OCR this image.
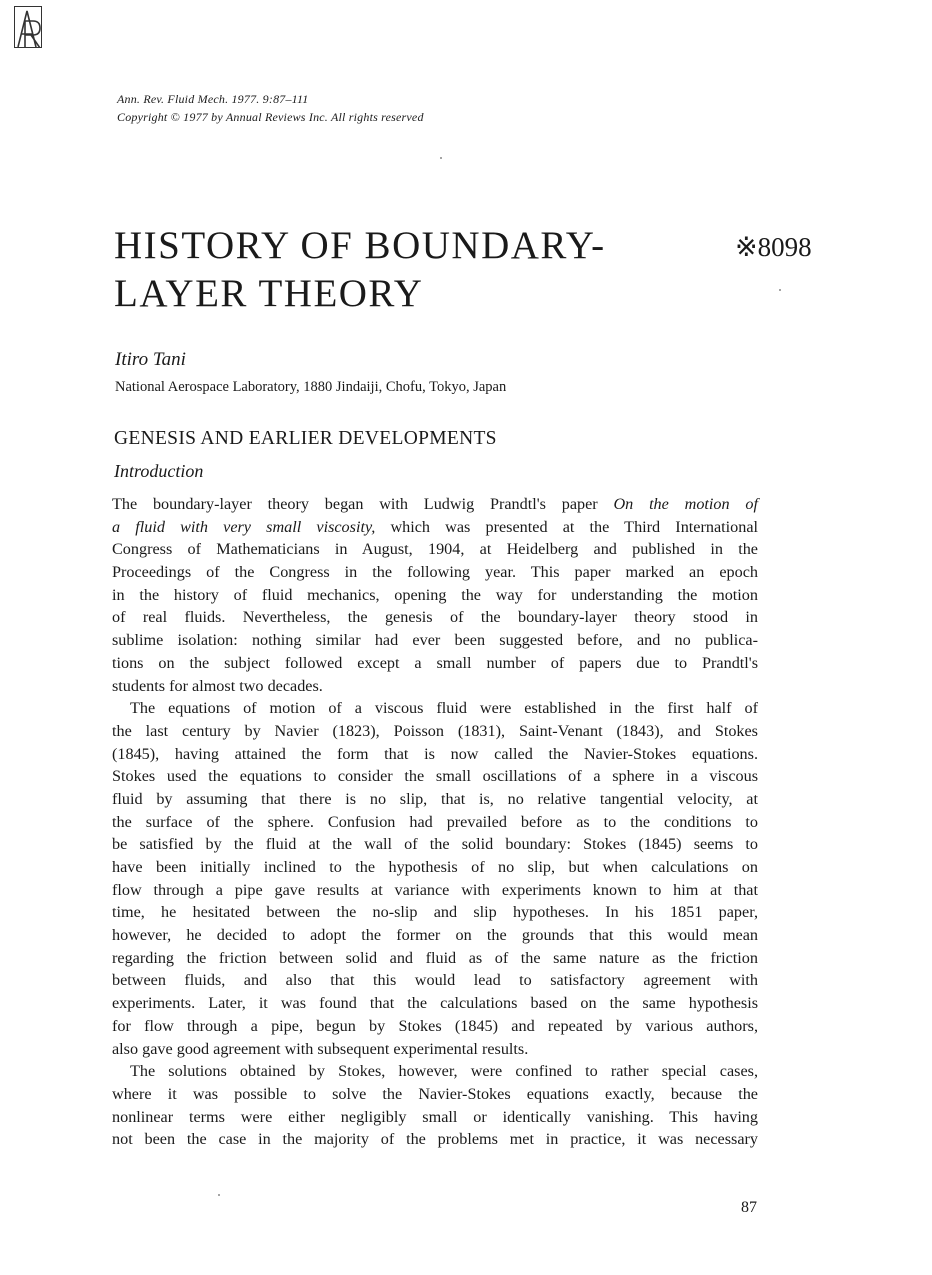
Ann. Rev. Fluid Mech. 1977. 9:87–111
Copyright © 1977 by Annual Reviews Inc. All rights reserved
HISTORY OF BOUNDARY-
LAYER THEORY
※8098
Itiro Tani
National Aerospace Laboratory, 1880 Jindaiji, Chofu, Tokyo, Japan
GENESIS AND EARLIER DEVELOPMENTS
Introduction
The boundary-layer theory began with Ludwig Prandtl's paper On the motion of
a fluid with very small viscosity, which was presented at the Third International
Congress of Mathematicians in August, 1904, at Heidelberg and published in the
Proceedings of the Congress in the following year. This paper marked an epoch
in the history of fluid mechanics, opening the way for understanding the motion
of real fluids. Nevertheless, the genesis of the boundary-layer theory stood in
sublime isolation: nothing similar had ever been suggested before, and no publica-
tions on the subject followed except a small number of papers due to Prandtl's
students for almost two decades.
The equations of motion of a viscous fluid were established in the first half of
the last century by Navier (1823), Poisson (1831), Saint-Venant (1843), and Stokes
(1845), having attained the form that is now called the Navier-Stokes equations.
Stokes used the equations to consider the small oscillations of a sphere in a viscous
fluid by assuming that there is no slip, that is, no relative tangential velocity, at
the surface of the sphere. Confusion had prevailed before as to the conditions to
be satisfied by the fluid at the wall of the solid boundary: Stokes (1845) seems to
have been initially inclined to the hypothesis of no slip, but when calculations on
flow through a pipe gave results at variance with experiments known to him at that
time, he hesitated between the no-slip and slip hypotheses. In his 1851 paper,
however, he decided to adopt the former on the grounds that this would mean
regarding the friction between solid and fluid as of the same nature as the friction
between fluids, and also that this would lead to satisfactory agreement with
experiments. Later, it was found that the calculations based on the same hypothesis
for flow through a pipe, begun by Stokes (1845) and repeated by various authors,
also gave good agreement with subsequent experimental results.
The solutions obtained by Stokes, however, were confined to rather special cases,
where it was possible to solve the Navier-Stokes equations exactly, because the
nonlinear terms were either negligibly small or identically vanishing. This having
not been the case in the majority of the problems met in practice, it was necessary
87
